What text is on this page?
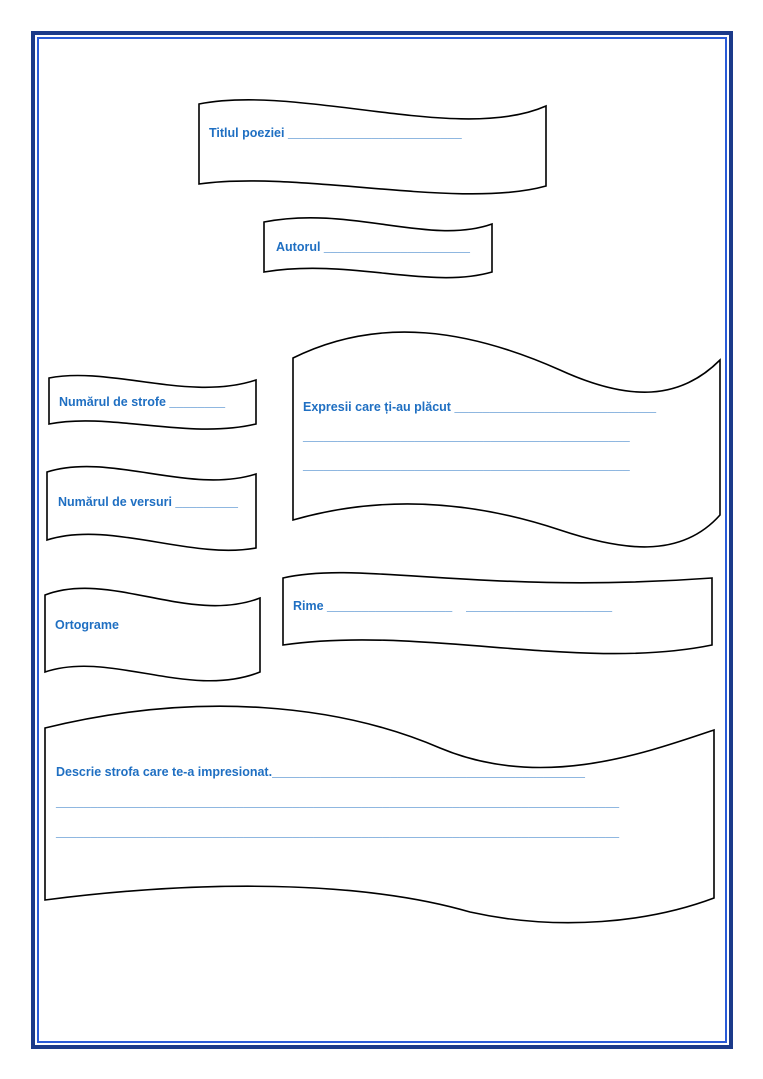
Titlul poeziei _________________________
Autorul _____________________
Numărul de strofe ________
Numărul de versuri _________
Expresii care ți-au plăcut _____________________________
_______________________________________________
_______________________________________________
Ortograme
Rime __________________    _____________________
Descrie strofa care te-a impresionat._____________________________________________
_________________________________________________________________________________
_________________________________________________________________________________
